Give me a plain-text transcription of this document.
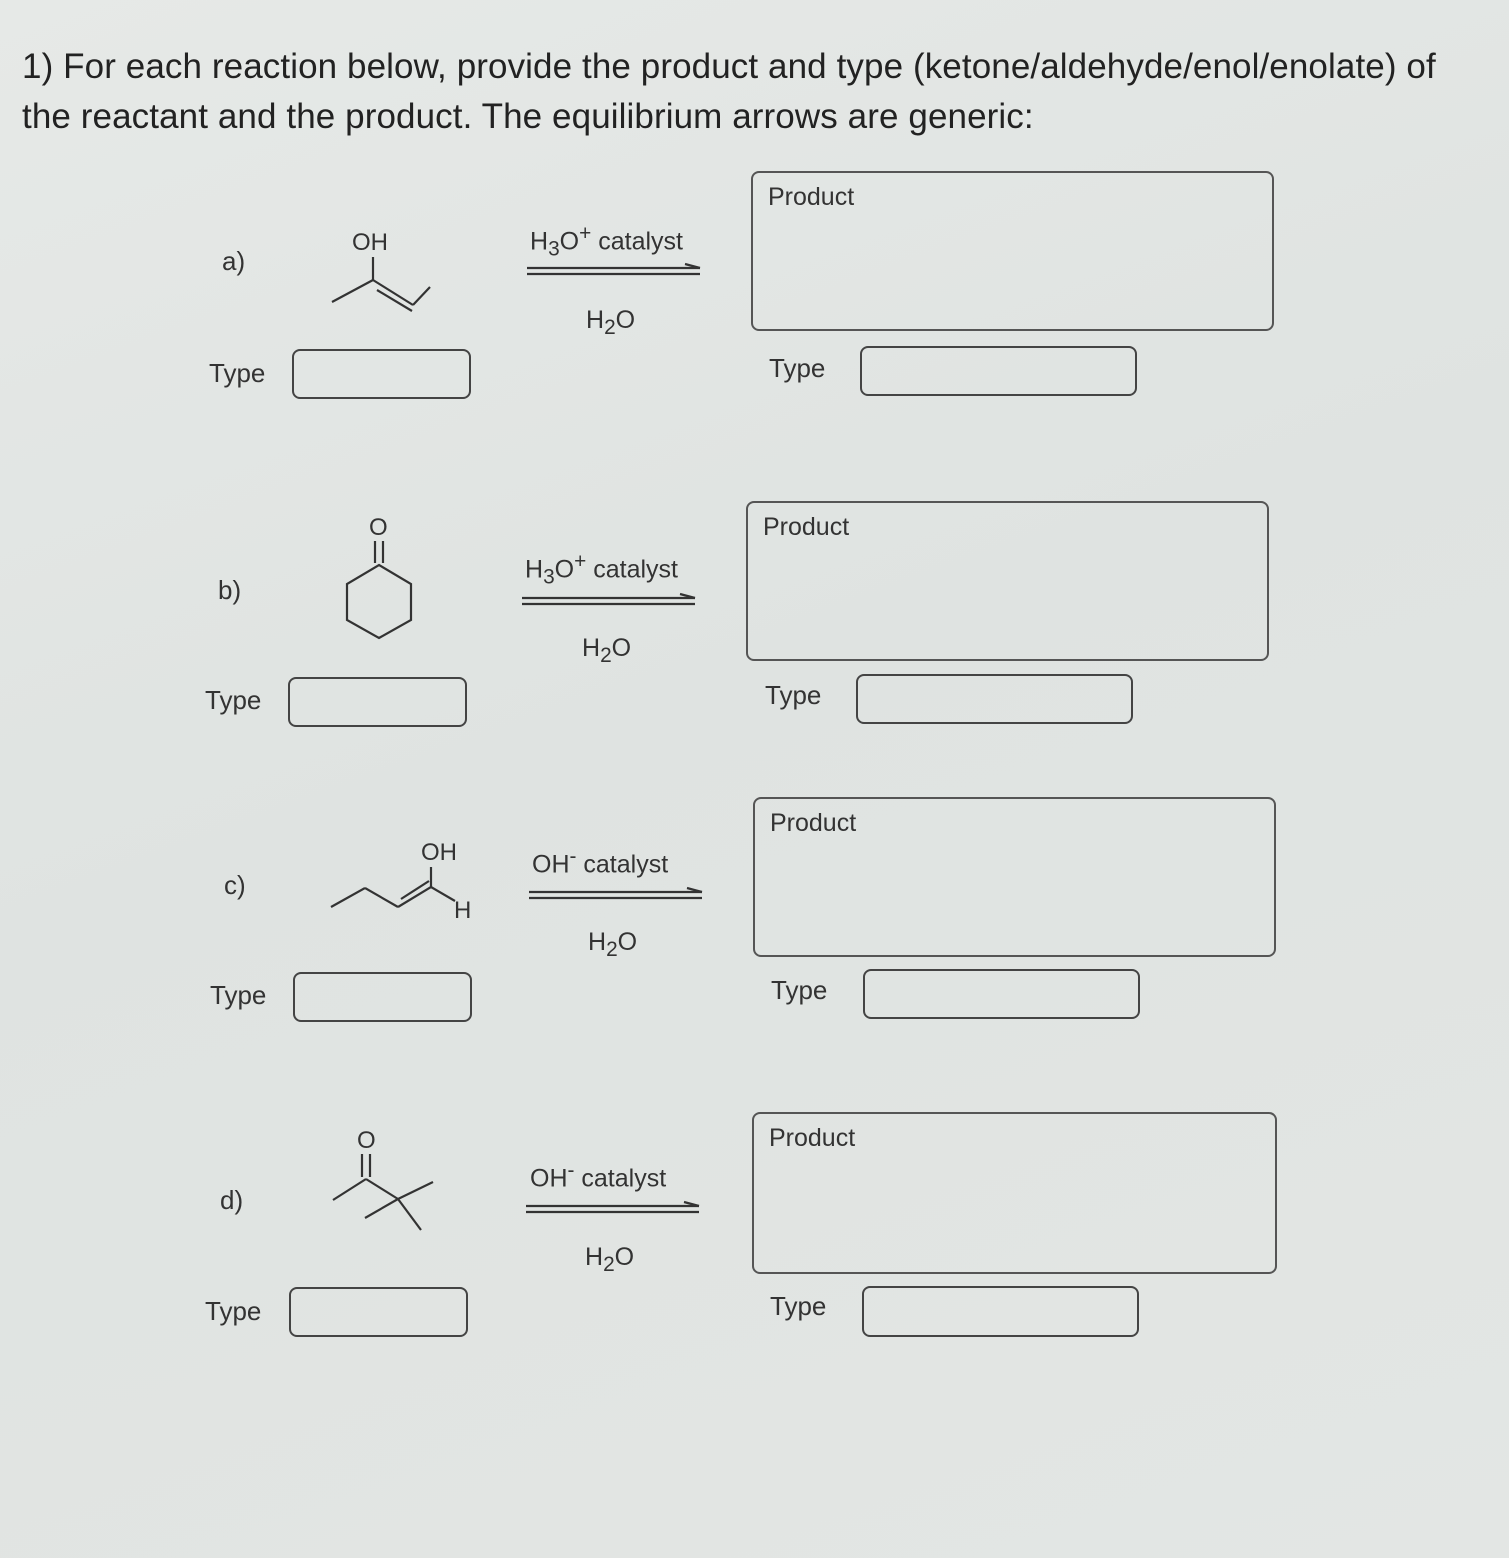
1) For each reaction below, provide the product and type (ketone/aldehyde/enol/enolate) of
the reactant and the product. The equilibrium arrows are generic:
a)
OH	$H_3O^+$ catalyst
$H_2O$
Type
Product
Type
b)
O
$H_3O^+$ catalyst
$H_2O$
Type
Product
Type
c)
OH
H
OH- catalyst
$H_2O$
Type
Product
Type
d)
O
OH- catalyst
$H_2O$
Type
Product
Type
